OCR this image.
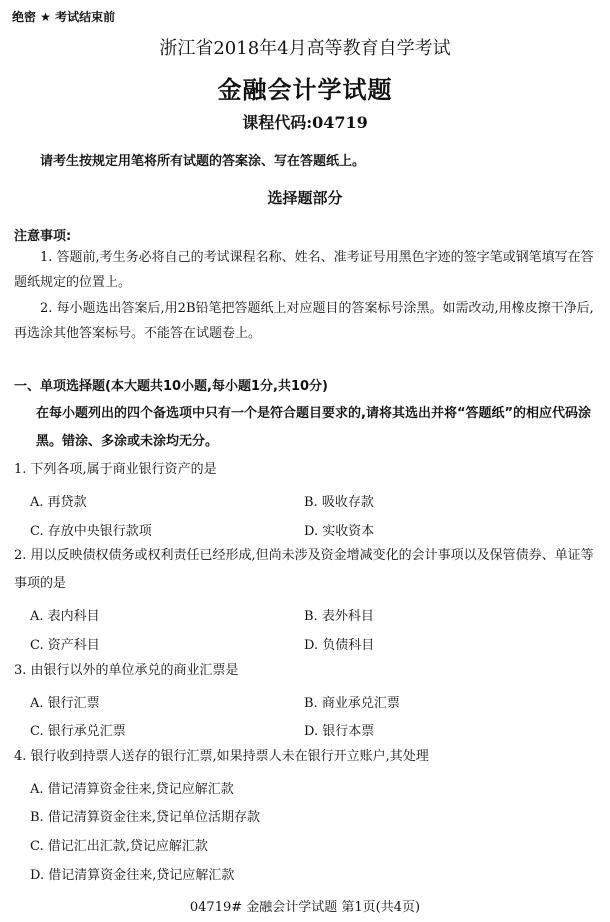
绝密 ★ 考试结束前
浙江省2018年4月高等教育自学考试
金融会计学试题
课程代码:04719
请考生按规定用笔将所有试题的答案涂、写在答题纸上。
选择题部分
注意事项:
1. 答题前,考生务必将自己的考试课程名称、姓名、准考证号用黑色字迹的签字笔或钢笔填写在答题纸规定的位置上。
2. 每小题选出答案后,用2B铅笔把答题纸上对应题目的答案标号涂黑。如需改动,用橡皮擦干净后,再选涂其他答案标号。不能答在试题卷上。
一、单项选择题(本大题共10小题,每小题1分,共10分)
在每小题列出的四个备选项中只有一个是符合题目要求的,请将其选出并将“答题纸”的相应代码涂黑。错涂、多涂或未涂均无分。
1. 下列各项,属于商业银行资产的是
A. 再贷款	B. 吸收存款
C. 存放中央银行款项	D. 实收资本
2. 用以反映债权债务或权利责任已经形成,但尚未涉及资金增减变化的会计事项以及保管债券、单证等事项的是
A. 表内科目	B. 表外科目
C. 资产科目	D. 负债科目
3. 由银行以外的单位承兑的商业汇票是
A. 银行汇票	B. 商业承兑汇票
C. 银行承兑汇票	D. 银行本票
4. 银行收到持票人送存的银行汇票,如果持票人未在银行开立账户,其处理
A. 借记清算资金往来,贷记应解汇款
B. 借记清算资金往来,贷记单位活期存款
C. 借记汇出汇款,贷记应解汇款
D. 借记清算资金往来,贷记应解汇款
04719# 金融会计学试题 第1页(共4页)
